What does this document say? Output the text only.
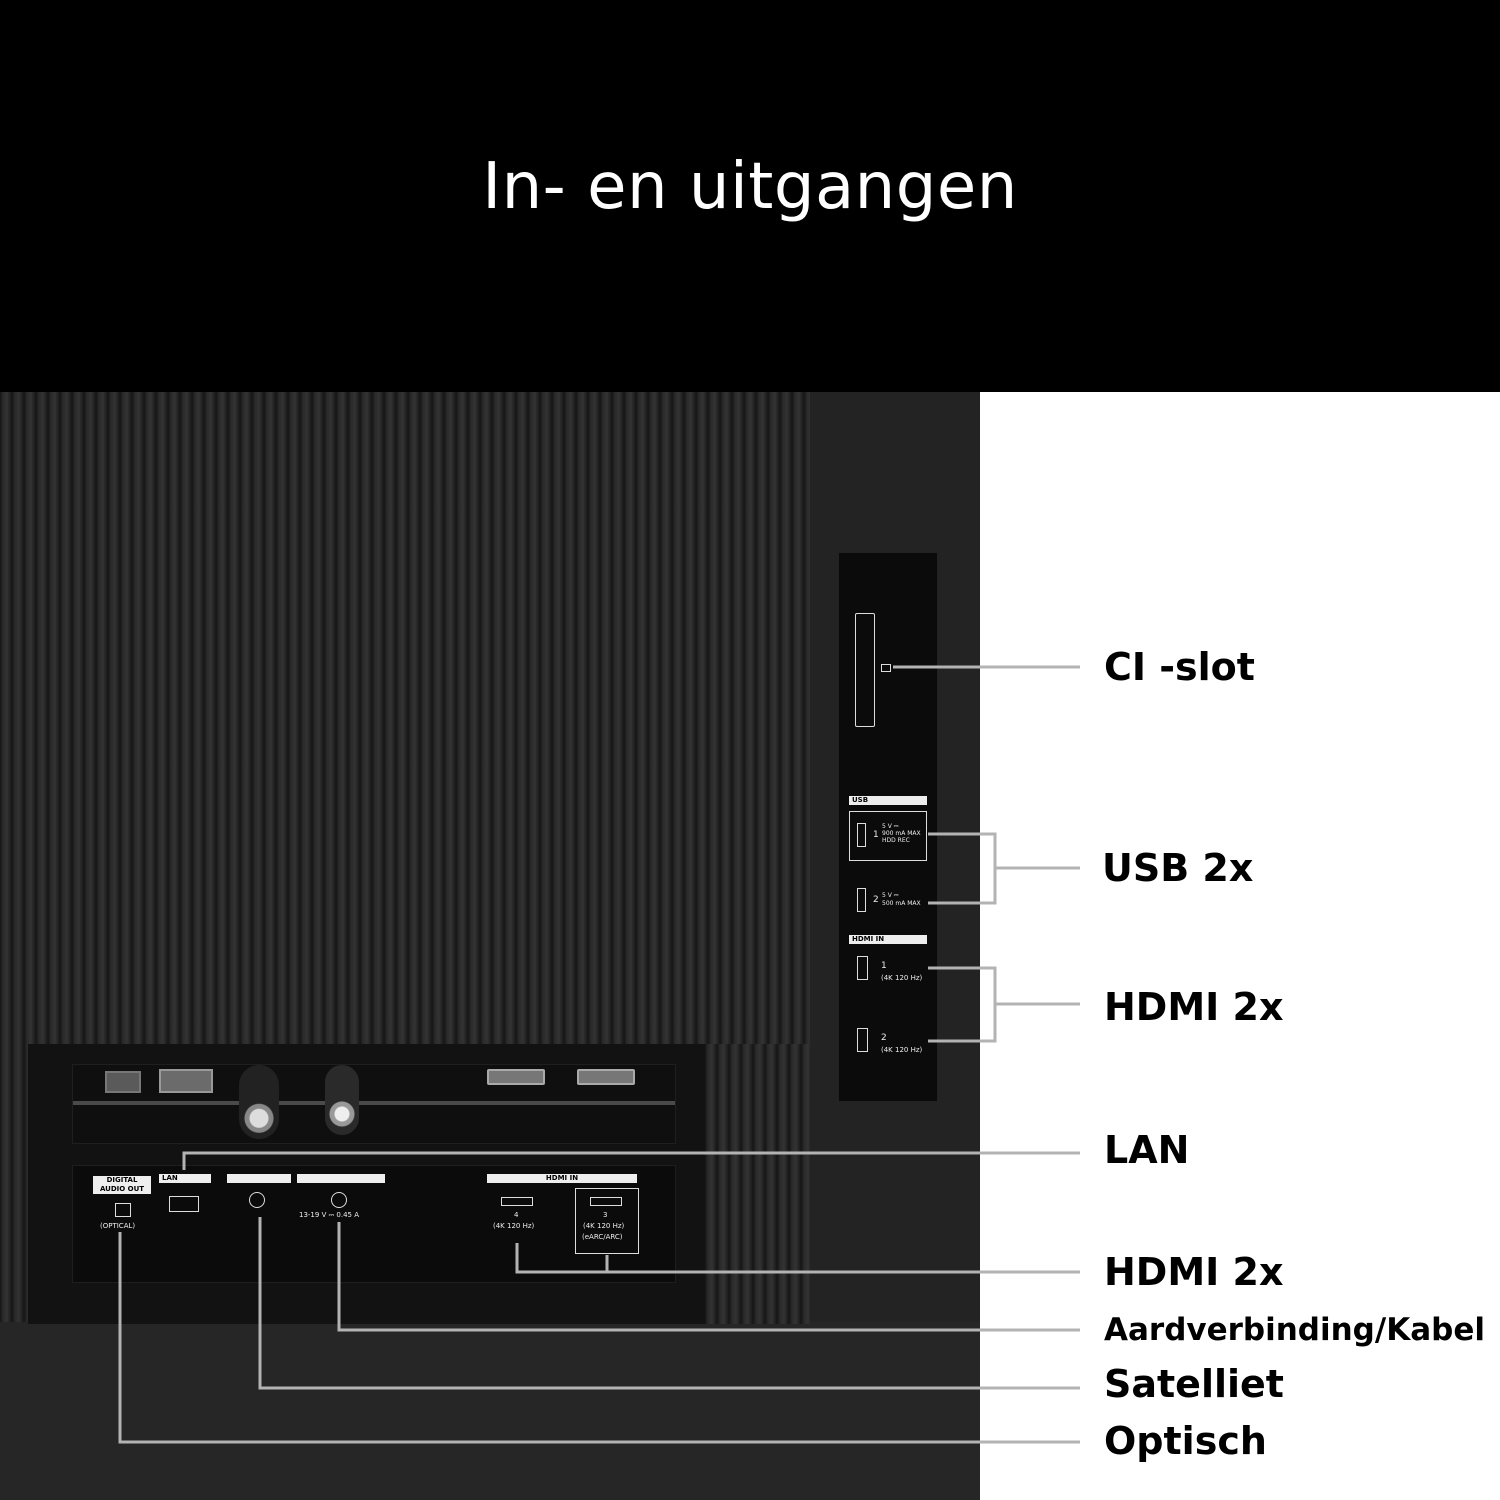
In- en uitgangen
DIGITAL AUDIO OUT
(OPTICAL)
LAN
13-19 V ⎓ 0.45 A
HDMI IN
4
(4K 120 Hz)
3
(4K 120 Hz)
(eARC/ARC)
USB
1
5 V ⎓
900 mA MAX
HDD REC
2 5 V ⎓
500 mA MAX
HDMI IN
1
(4K 120 Hz)
2
(4K 120 Hz)
CI -slot
USB 2x
HDMI 2x
LAN
HDMI 2x
Aardverbinding/Kabel
Satelliet
Optisch
